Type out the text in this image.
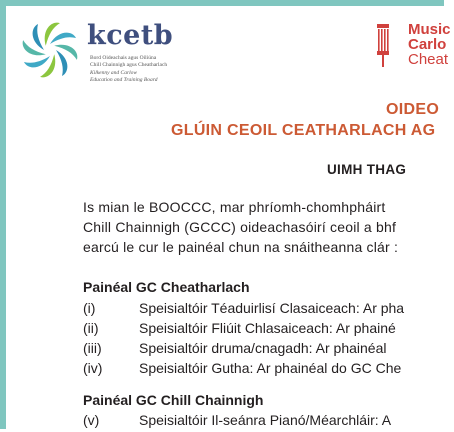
kcetb
Bord Oideachais agus Oiliúna
Chill Chainnigh agus Cheatharlach
Kilkenny and Carlow
Education and Training Board
Music
Carlo
Cheat
OIDEO
GLÚIN CEOIL CEATHARLACH AG
UIMH THAG
Is mian le BOOCCC, mar phríomh-chomhpháirt
Chill Chainnigh (GCCC) oideachasóirí ceoil a bhf
earcú le cur le painéal chun na snáitheanna clár :
Painéal GC Cheatharlach
(i)	Speisialtóir Téaduirlisí Clasaiceach: Ar pha
(ii)	Speisialtóir Fliúit Chlasaiceach: Ar phainé
(iii)	Speisialtóir druma/cnagadh: Ar phainéal
(iv)	Speisialtóir Gutha: Ar phainéal do GC Che
Painéal GC Chill Chainnigh
(v)	Speisialtóir Il-seánra Pianó/Méarchláir: A
